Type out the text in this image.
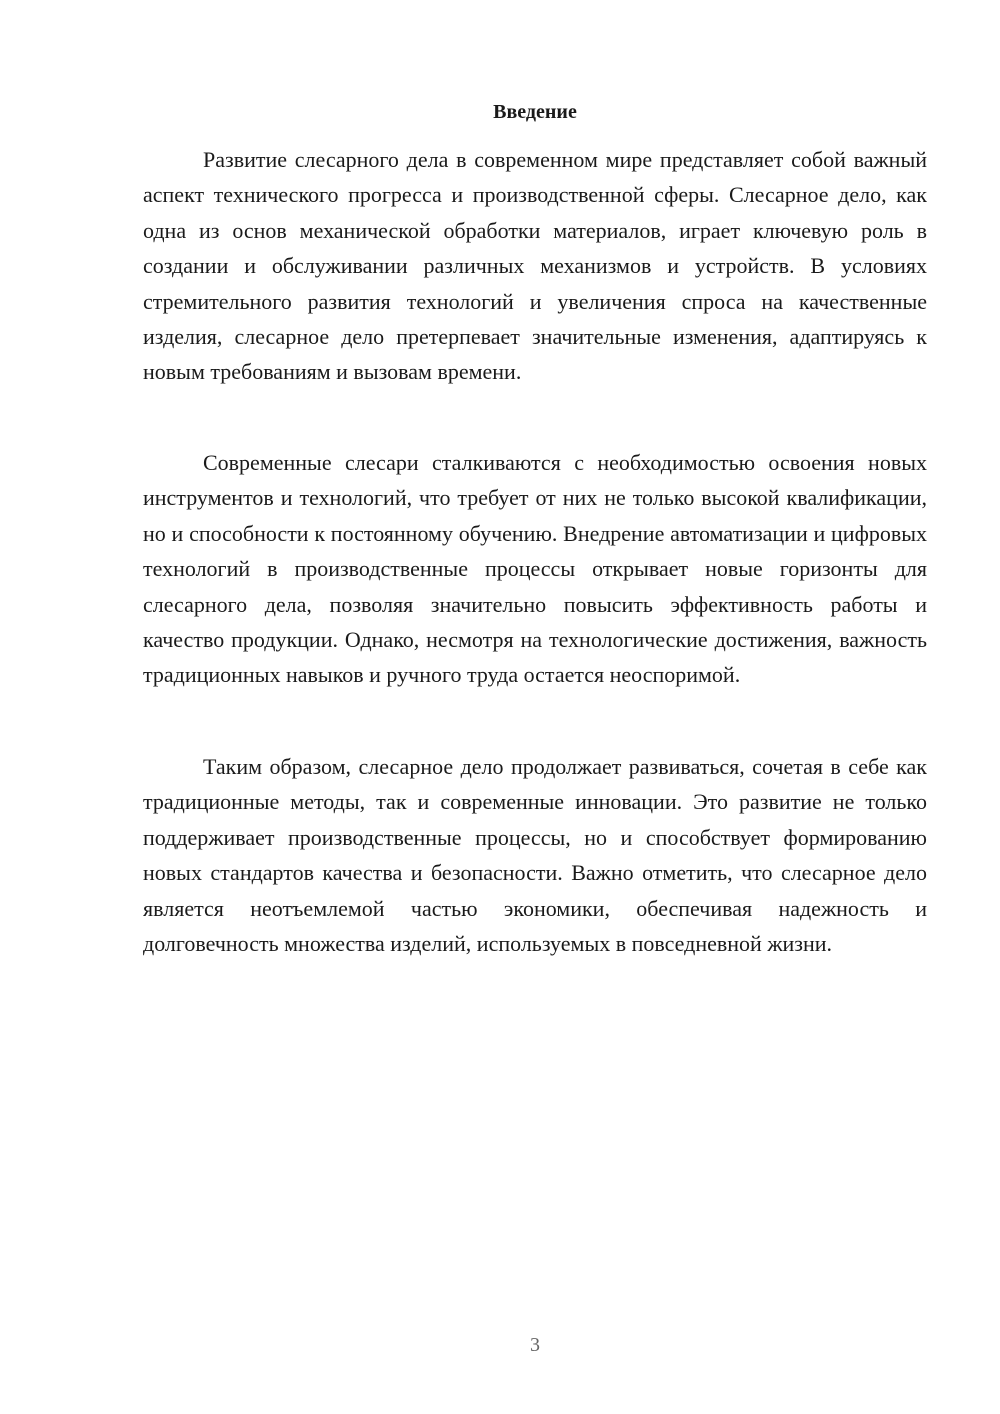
Введение

Развитие слесарного дела в современном мире представляет собой важный аспект технического прогресса и производственной сферы. Слесарное дело, как одна из основ механической обработки материалов, играет ключевую роль в создании и обслуживании различных механизмов и устройств. В условиях стремительного развития технологий и увеличения спроса на качественные изделия, слесарное дело претерпевает значительные изменения, адаптируясь к новым требованиям и вызовам времени.

Современные слесари сталкиваются с необходимостью освоения новых инструментов и технологий, что требует от них не только высокой квалификации, но и способности к постоянному обучению. Внедрение автоматизации и цифровых технологий в производственные процессы открывает новые горизонты для слесарного дела, позволяя значительно повысить эффективность работы и качество продукции. Однако, несмотря на технологические достижения, важность традиционных навыков и ручного труда остается неоспоримой.

Таким образом, слесарное дело продолжает развиваться, сочетая в себе как традиционные методы, так и современные инновации. Это развитие не только поддерживает производственные процессы, но и способствует формированию новых стандартов качества и безопасности. Важно отметить, что слесарное дело является неотъемлемой частью экономики, обеспечивая надежность и долговечность множества изделий, используемых в повседневной жизни.

3
